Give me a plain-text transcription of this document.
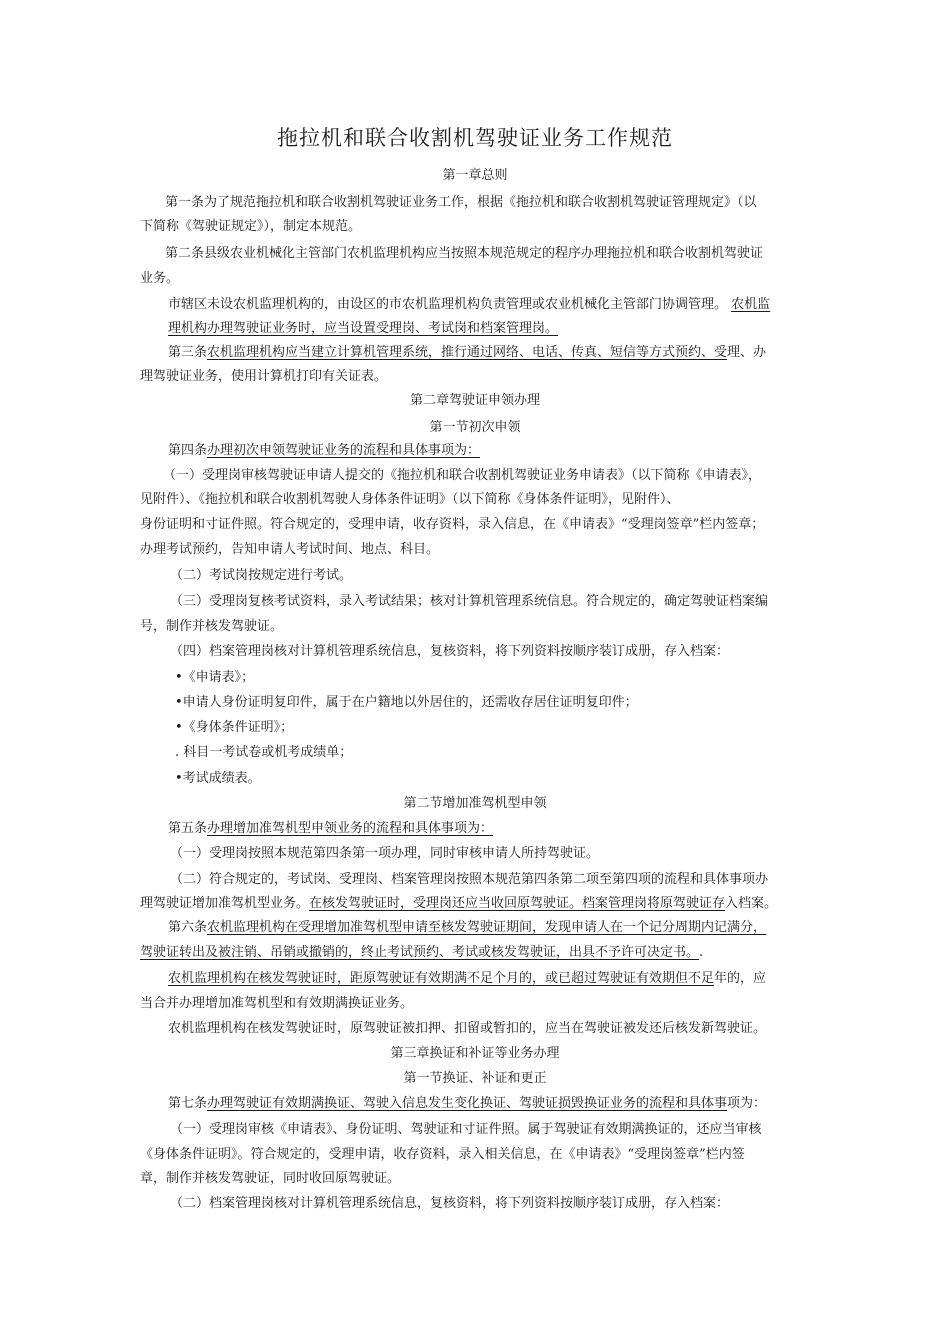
拖拉机和联合收割机驾驶证业务工作规范
第一章总则
第一条为了规范拖拉机和联合收割机驾驶证业务工作，根据《拖拉机和联合收割机驾驶证管理规定》（以
下简称《驾驶证规定》），制定本规范。
第二条县级农业机械化主管部门农机监理机构应当按照本规范规定的程序办理拖拉机和联合收割机驾驶证
业务。
市辖区未设农机监理机构的，由设区的市农机监理机构负责管理或农业机械化主管部门协调管理。 农机监
理机构办理驾驶证业务时，应当设置受理岗、考试岗和档案管理岗。
第三条农机监理机构应当建立计算机管理系统，推行通过网络、电话、传真、短信等方式预约、受理、办
理驾驶证业务，使用计算机打印有关证表。
第二章驾驶证申领办理
第一节初次申领
第四条办理初次申领驾驶证业务的流程和具体事项为：
（一）受理岗审核驾驶证申请人提交的《拖拉机和联合收割机驾驶证业务申请表》（以下简称《申请表》，
见附件）、《拖拉机和联合收割机驾驶人身体条件证明》（以下简称《身体条件证明》，见附件）、
身份证明和寸证件照。符合规定的，受理申请，收存资料，录入信息，在《申请表》“受理岗签章”栏内签章；
办理考试预约，告知申请人考试时间、地点、科目。
（二）考试岗按规定进行考试。
（三）受理岗复核考试资料，录入考试结果；核对计算机管理系统信息。符合规定的，确定驾驶证档案编
号，制作并核发驾驶证。
（四）档案管理岗核对计算机管理系统信息，复核资料，将下列资料按顺序装订成册，存入档案：
•《申请表》；
•申请人身份证明复印件，属于在户籍地以外居住的，还需收存居住证明复印件；
•《身体条件证明》；
. 科目一考试卷或机考成绩单；
•考试成绩表。
第二节增加准驾机型申领
第五条办理增加准驾机型申领业务的流程和具体事项为：
（一）受理岗按照本规范第四条第一项办理，同时审核申请人所持驾驶证。
（二）符合规定的，考试岗、受理岗、档案管理岗按照本规范第四条第二项至第四项的流程和具体事项办
理驾驶证增加准驾机型业务。在核发驾驶证时，受理岗还应当收回原驾驶证。档案管理岗将原驾驶证存入档案。
第六条农机监理机构在受理增加准驾机型申请至核发驾驶证期间，发现申请人在一个记分周期内记满分，
驾驶证转出及被注销、吊销或撤销的，终止考试预约、考试或核发驾驶证，出具不予许可决定书。.
农机监理机构在核发驾驶证时，距原驾驶证有效期满不足个月的，或已超过驾驶证有效期但不足年的，应
当合并办理增加准驾机型和有效期满换证业务。
农机监理机构在核发驾驶证时，原驾驶证被扣押、扣留或暂扣的，应当在驾驶证被发还后核发新驾驶证。
第三章换证和补证等业务办理
第一节换证、补证和更正
第七条办理驾驶证有效期满换证、驾驶入信息发生变化换证、驾驶证损毁换证业务的流程和具体事项为：
（一）受理岗审核《申请表》、身份证明、驾驶证和寸证件照。属于驾驶证有效期满换证的，还应当审核
《身体条件证明》。符合规定的，受理申请，收存资料，录入相关信息，在《申请表》“受理岗签章”栏内签
章，制作并核发驾驶证，同时收回原驾驶证。
（二）档案管理岗核对计算机管理系统信息，复核资料，将下列资料按顺序装订成册，存入档案：
